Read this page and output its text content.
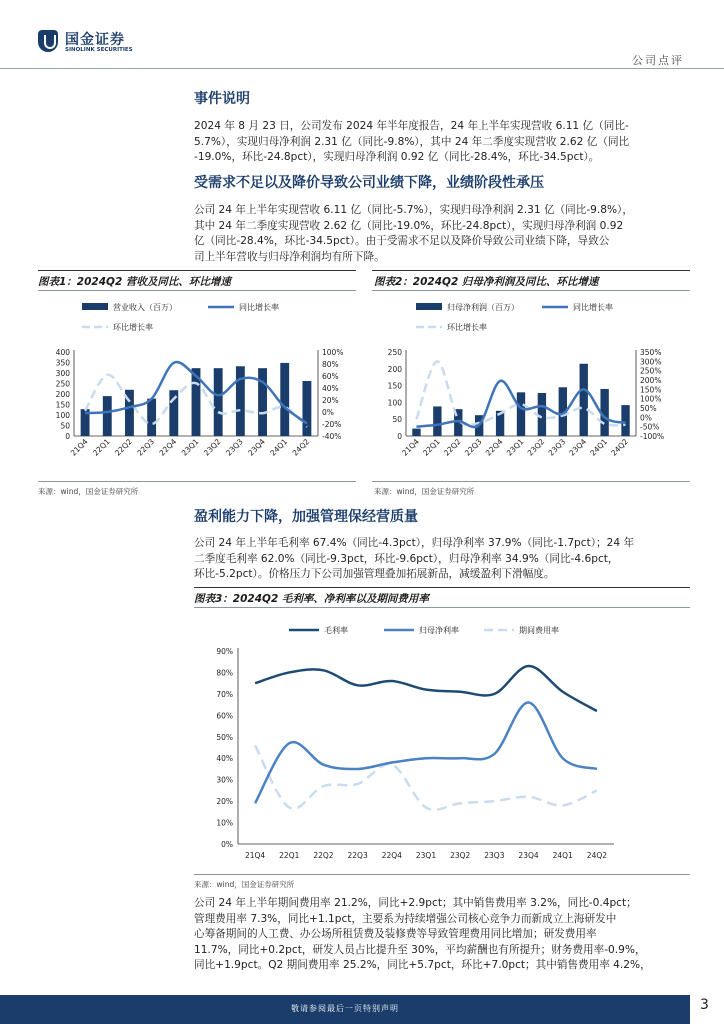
国金证券
SINOLINK SECURITIES
公司点评
事件说明
2024 年 8 月 23 日，公司发布 2024 年半年度报告，24 年上半年实现营收 6.11 亿（同比-
5.7%），实现归母净利润 2.31 亿（同比-9.8%），其中 24 年二季度实现营收 2.62 亿（同比
-19.0%，环比-24.8pct），实现归母净利润 0.92 亿（同比-28.4%，环比-34.5pct）。
受需求不足以及降价导致公司业绩下降，业绩阶段性承压
公司 24 年上半年实现营收 6.11 亿（同比-5.7%），实现归母净利润 2.31 亿（同比-9.8%），
其中 24 年二季度实现营收 2.62 亿（同比-19.0%，环比-24.8pct），实现归母净利润 0.92
亿（同比-28.4%，环比-34.5pct）。由于受需求不足以及降价导致公司业绩下降，导致公
司上半年营收与归母净利润均有所下降。
图表1：2024Q2 营收及同比、环比增速	图表2：2024Q2 归母净利润及同比、环比增速
营业收入（百万）	同比增长率
环比增长率
400
350
300
250
200
150
100
50
0
100%
80%
60%
40%
20%
0%
-20%
-40%
21Q4 22Q1 22Q2 22Q3 22Q4 23Q1 23Q2 23Q3 23Q4 24Q1 24Q2
归母净利润（百万）	同比增长率
环比增长率
250
200
150
100
50
0
350%
300%
250%
200%
150%
100%
50%
0%
-50%
-100%
21Q4 22Q1 22Q2 22Q3 22Q4 23Q1 23Q2 23Q3 23Q4 24Q1 24Q2
来源：wind，国金证券研究所	来源：wind，国金证券研究所
盈利能力下降，加强管理保经营质量
公司 24 年上半年毛利率 67.4%（同比-4.3pct），归母净利率 37.9%（同比-1.7pct）；24 年
二季度毛利率 62.0%（同比-9.3pct，环比-9.6pct），归母净利率 34.9%（同比-4.6pct，
环比-5.2pct）。价格压力下公司加强管理叠加拓展新品，减缓盈利下滑幅度。
图表3：2024Q2 毛利率、净利率以及期间费用率
毛利率	归母净利率	期间费用率
90%
80%
70%
60%
50%
40%
30%
20%
10%
0%
21Q4 22Q1 22Q2 22Q3 22Q4 23Q1 23Q2 23Q3 23Q4 24Q1 24Q2
来源：wind，国金证券研究所
公司 24 年上半年期间费用率 21.2%，同比+2.9pct；其中销售费用率 3.2%，同比-0.4pct；
管理费用率 7.3%，同比+1.1pct，主要系为持续增强公司核心竞争力而新成立上海研发中
心筹备期间的人工费、办公场所租赁费及装修费等导致管理费用同比增加；研发费用率
11.7%，同比+0.2pct，研发人员占比提升至 30%，平均薪酬也有所提升；财务费用率-0.9%，
同比+1.9pct。Q2 期间费用率 25.2%，同比+5.7pct，环比+7.0pct；其中销售费用率 4.2%，
敬请参阅最后一页特别声明	3
